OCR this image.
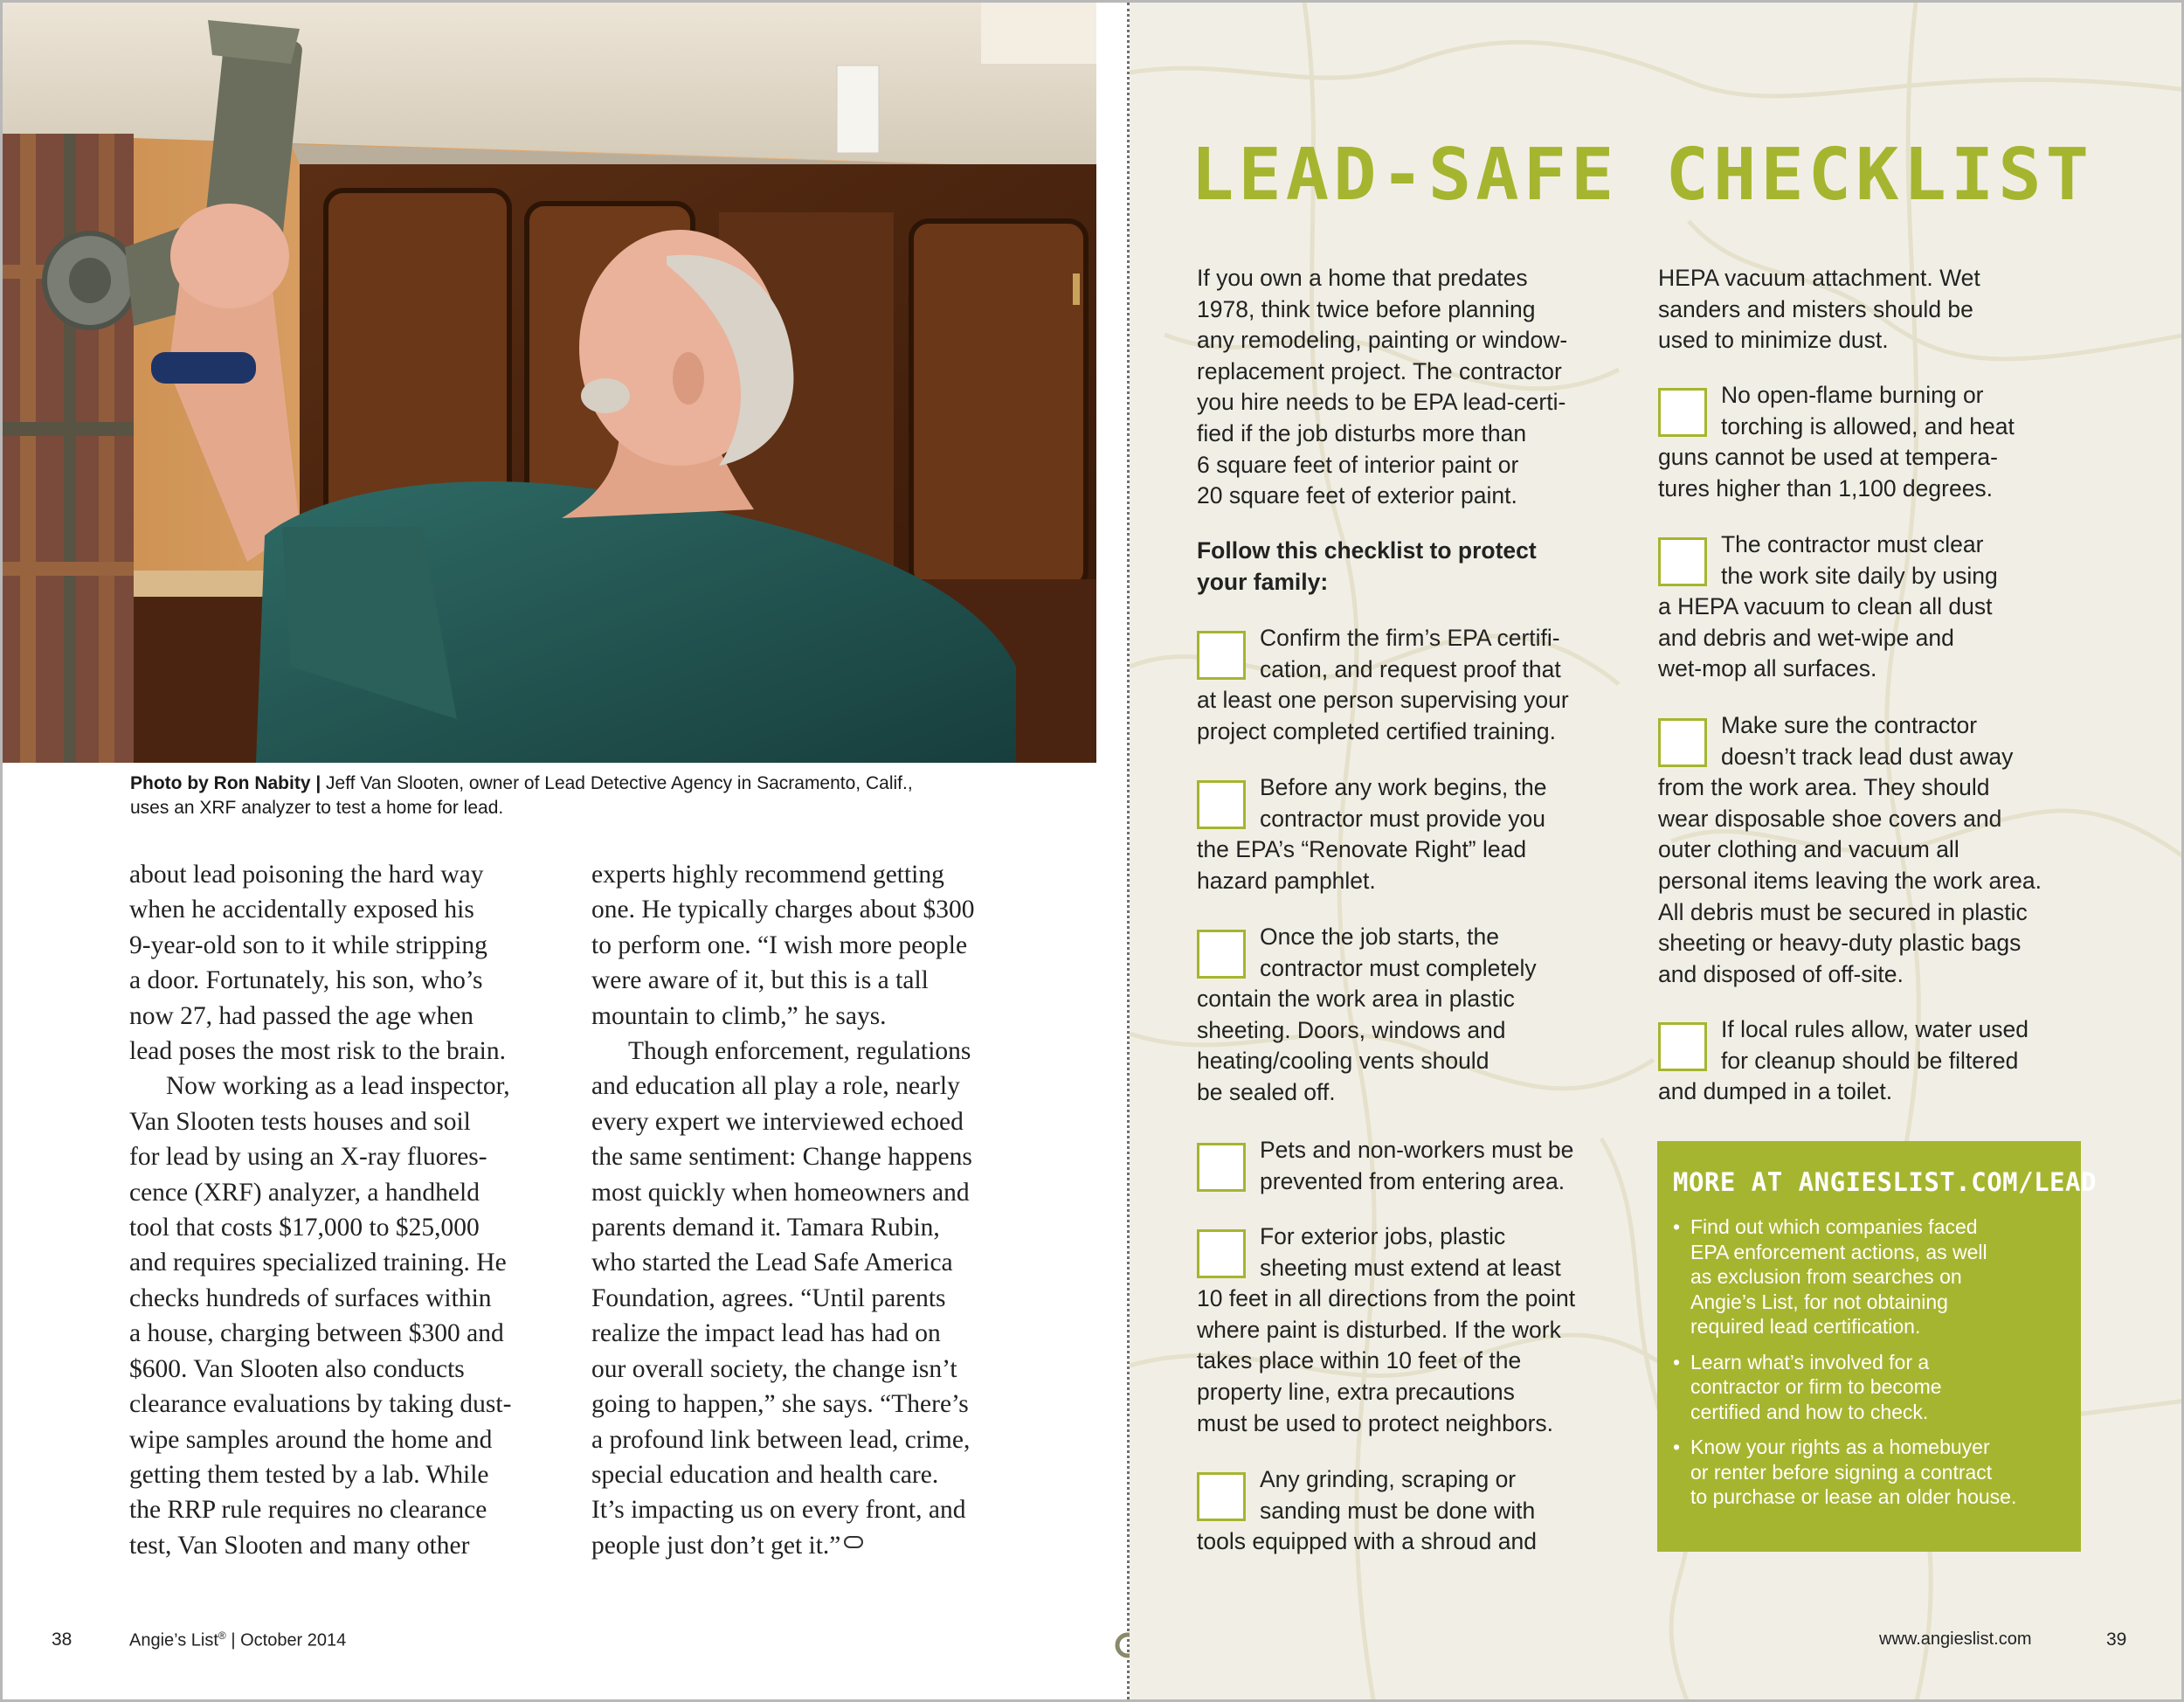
Photo by Ron Nabity | Jeff Van Slooten, owner of Lead Detective Agency in Sacramento, Calif.,
uses an XRF analyzer to test a home for lead.
about lead poisoning the hard way
when he accidentally exposed his
9-year-old son to it while stripping
a door. Fortunately, his son, who’s
now 27, had passed the age when
lead poses the most risk to the brain.
Now working as a lead inspector,
Van Slooten tests houses and soil
for lead by using an X-ray fluores-
cence (XRF) analyzer, a handheld
tool that costs $17,000 to $25,000
and requires specialized training. He
checks hundreds of surfaces within
a house, charging between $300 and
$600. Van Slooten also conducts
clearance evaluations by taking dust-
wipe samples around the home and
getting them tested by a lab. While
the RRP rule requires no clearance
test, Van Slooten and many other
experts highly recommend getting
one. He typically charges about $300
to perform one. “I wish more people
were aware of it, but this is a tall
mountain to climb,” he says.
Though enforcement, regulations
and education all play a role, nearly
every expert we interviewed echoed
the same sentiment: Change happens
most quickly when homeowners and
parents demand it. Tamara Rubin,
who started the Lead Safe America
Foundation, agrees. “Until parents
realize the impact lead has had on
our overall society, the change isn’t
going to happen,” she says. “There’s
a profound link between lead, crime,
special education and health care.
It’s impacting us on every front, and
people just don’t get it.”
38	Angie’s List® | October 2014
LEAD-SAFE CHECKLIST
If you own a home that predates
1978, think twice before planning
any remodeling, painting or window-
replacement project. The contractor
you hire needs to be EPA lead-certi-
fied if the job disturbs more than
6 square feet of interior paint or
20 square feet of exterior paint.
Follow this checklist to protect
your family:
Confirm the firm’s EPA certifi-
cation, and request proof that
at least one person supervising your
project completed certified training.
Before any work begins, the
contractor must provide you
the EPA’s “Renovate Right” lead
hazard pamphlet.
Once the job starts, the
contractor must completely
contain the work area in plastic
sheeting. Doors, windows and
heating/cooling vents should
be sealed off.
Pets and non-workers must be
prevented from entering area.
For exterior jobs, plastic
sheeting must extend at least
10 feet in all directions from the point
where paint is disturbed. If the work
takes place within 10 feet of the
property line, extra precautions
must be used to protect neighbors.
Any grinding, scraping or
sanding must be done with
tools equipped with a shroud and
HEPA vacuum attachment. Wet
sanders and misters should be
used to minimize dust.
No open-flame burning or
torching is allowed, and heat
guns cannot be used at tempera-
tures higher than 1,100 degrees.
The contractor must clear
the work site daily by using
a HEPA vacuum to clean all dust
and debris and wet-wipe and
wet-mop all surfaces.
Make sure the contractor
doesn’t track lead dust away
from the work area. They should
wear disposable shoe covers and
outer clothing and vacuum all
personal items leaving the work area.
All debris must be secured in plastic
sheeting or heavy-duty plastic bags
and disposed of off-site.
If local rules allow, water used
for cleanup should be filtered
and dumped in a toilet.
MORE AT ANGIESLIST.COM/LEAD
• Find out which companies faced
EPA enforcement actions, as well
as exclusion from searches on
Angie’s List, for not obtaining
required lead certification.
• Learn what’s involved for a
contractor or firm to become
certified and how to check.
• Know your rights as a homebuyer
or renter before signing a contract
to purchase or lease an older house.
www.angieslist.com	39
